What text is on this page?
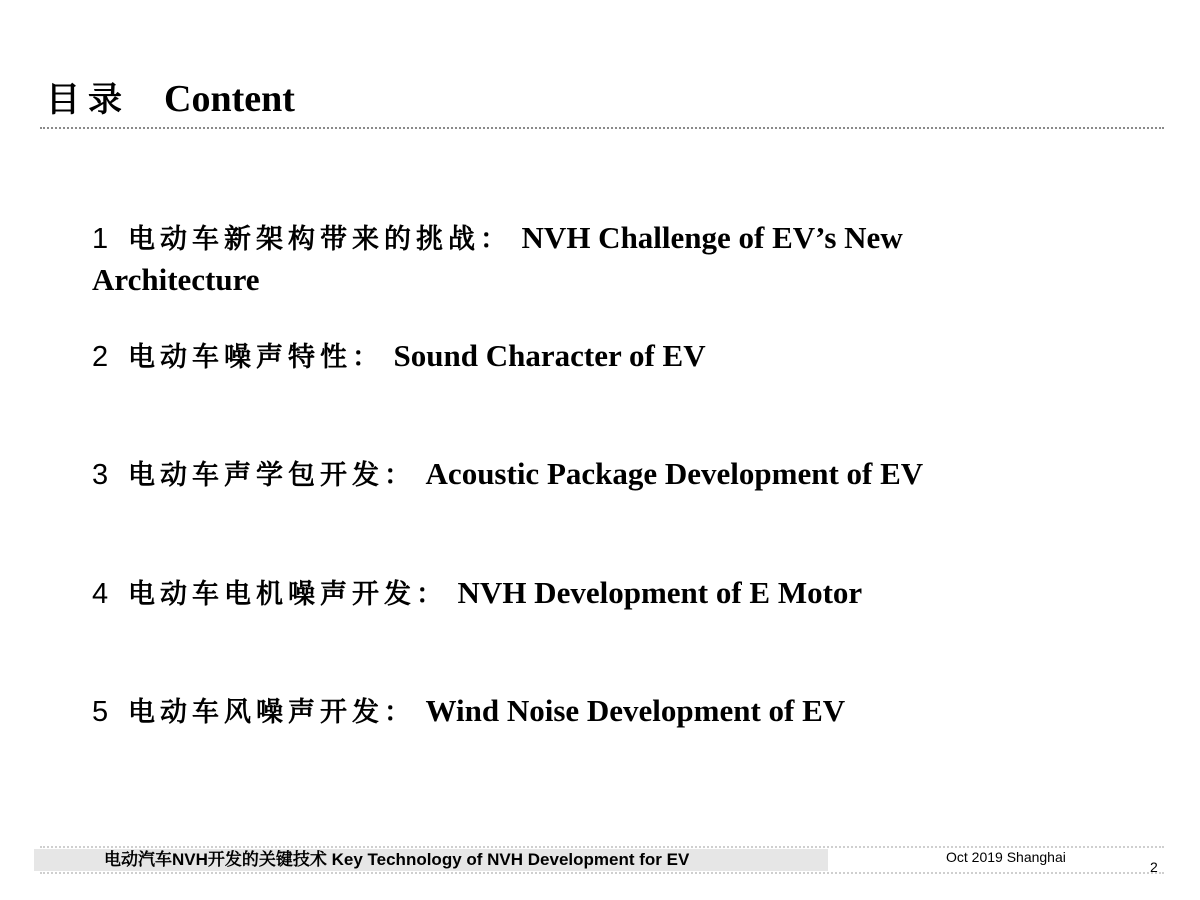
目录 Content
1 电动车新架构带来的挑战： NVH Challenge of EV’s New Architecture
2 电动车噪声特性： Sound Character of EV
3 电动车声学包开发： Acoustic Package Development of EV
4 电动车电机噪声开发： NVH Development of E Motor
5 电动车风噪声开发： Wind Noise Development of EV
电动汽车NVH开发的关键技术 Key Technology of NVH Development for EV	Oct 2019 Shanghai
2
